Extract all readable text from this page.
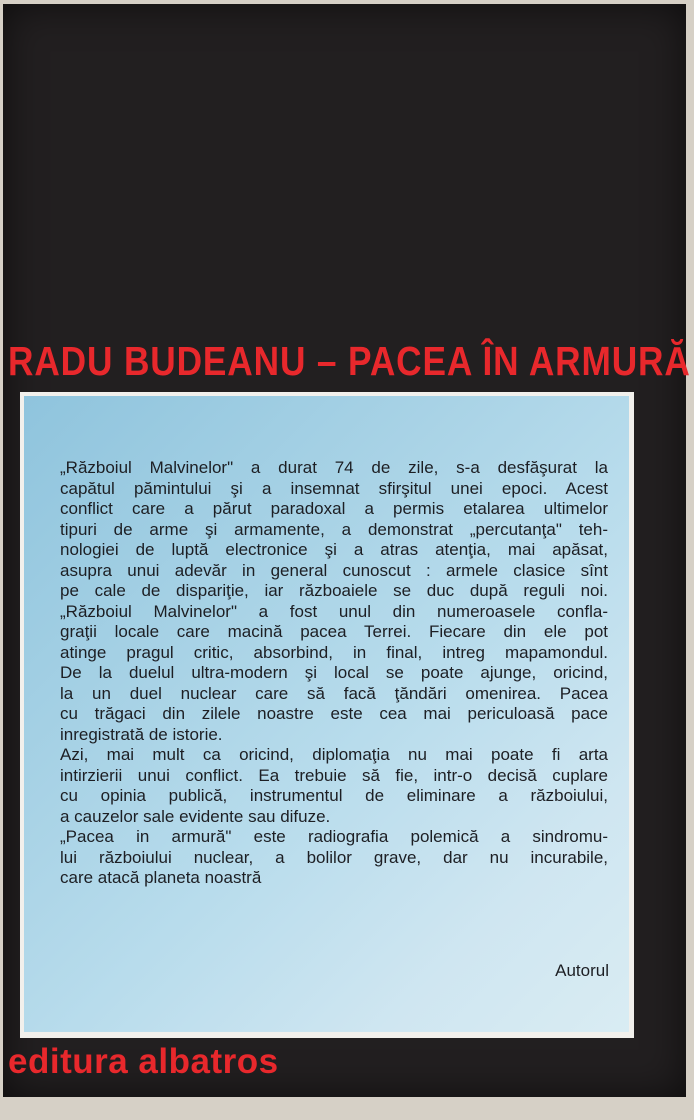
RADU BUDEANU – PACEA ÎN ARMURĂ

„Războiul Malvinelor" a durat 74 de zile, s-a desfăşurat la

capătul pămintului şi a insemnat sfirşitul unei epoci. Acest

conflict care a părut paradoxal a permis etalarea ultimelor

tipuri de arme şi armamente, a demonstrat „percutanţa" teh-

nologiei de luptă electronice şi a atras atenţia, mai apăsat,

asupra unui adevăr in general cunoscut : armele clasice sînt

pe cale de dispariţie, iar războaiele se duc după reguli noi.

„Războiul Malvinelor" a fost unul din numeroasele confla-

graţii locale care macină pacea Terrei. Fiecare din ele pot

atinge pragul critic, absorbind, in final, intreg mapamondul.

De la duelul ultra-modern şi local se poate ajunge, oricind,

la un duel nuclear care să facă ţăndări omenirea. Pacea

cu trăgaci din zilele noastre este cea mai periculoasă pace

inregistrată de istorie.

Azi, mai mult ca oricind, diplomaţia nu mai poate fi arta

intirzierii unui conflict. Ea trebuie să fie, intr-o decisă cuplare

cu opinia publică, instrumentul de eliminare a războiului,

a cauzelor sale evidente sau difuze.

„Pacea in armură" este radiografia polemică a sindromu-

lui războiului nuclear, a bolilor grave, dar nu incurabile,

care atacă planeta noastră

Autorul
editura albatros
